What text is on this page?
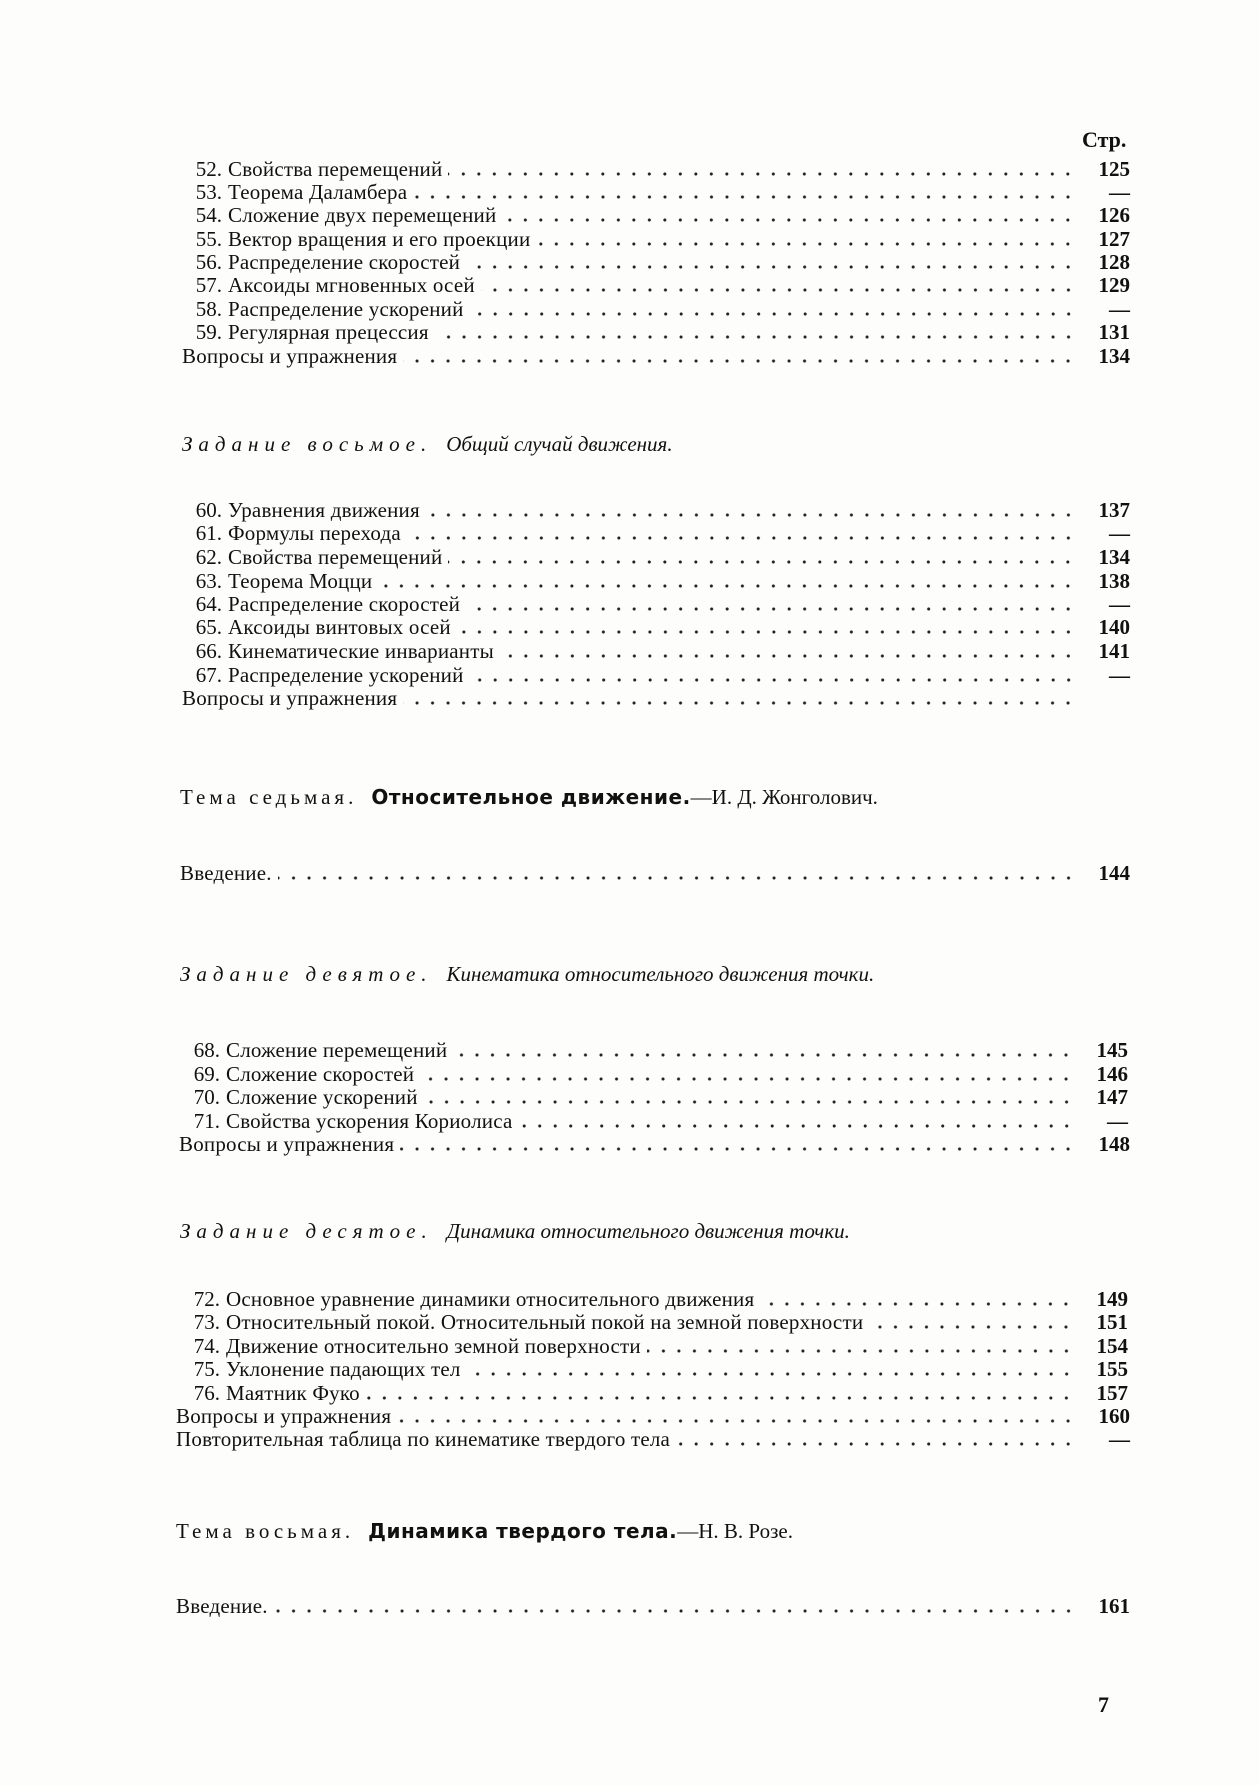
Стр.
52. Свойства перемещений	125
53. Теорема Даламбера	—
54. Сложение двух перемещений	126
55. Вектор вращения и его проекции	127
56. Распределение скоростей	128
57. Аксоиды мгновенных осей	129
58. Распределение ускорений	—
59. Регулярная прецессия	131
Вопросы и упражнения	134
Задание восьмое. Общий случай движения.
60. Уравнения движения	137
61. Формулы перехода	—
62. Свойства перемещений	134
63. Теорема Моцци	138
64. Распределение скоростей	—
65. Аксоиды винтовых осей	140
66. Кинематические инварианты	141
67. Распределение ускорений	—
Вопросы и упражнения
Тема седьмая. Относительное движение.—И. Д. Жонголович.
Введение.	144
Задание девятое. Кинематика относительного движения точки.
68. Сложение перемещений	145
69. Сложение скоростей	146
70. Сложение ускорений	147
71. Свойства ускорения Кориолиса	—
Вопросы и упражнения	148
Задание десятое. Динамика относительного движения точки.
72. Основное уравнение динамики относительного движения	149
73. Относительный покой. Относительный покой на земной поверхности	151
74. Движение относительно земной поверхности	154
75. Уклонение падающих тел	155
76. Маятник Фуко	157
Вопросы и упражнения	160
Повторительная таблица по кинематике твердого тела	—
Тема восьмая. Динамика твердого тела.—Н. В. Розе.
Введение.	161
7
